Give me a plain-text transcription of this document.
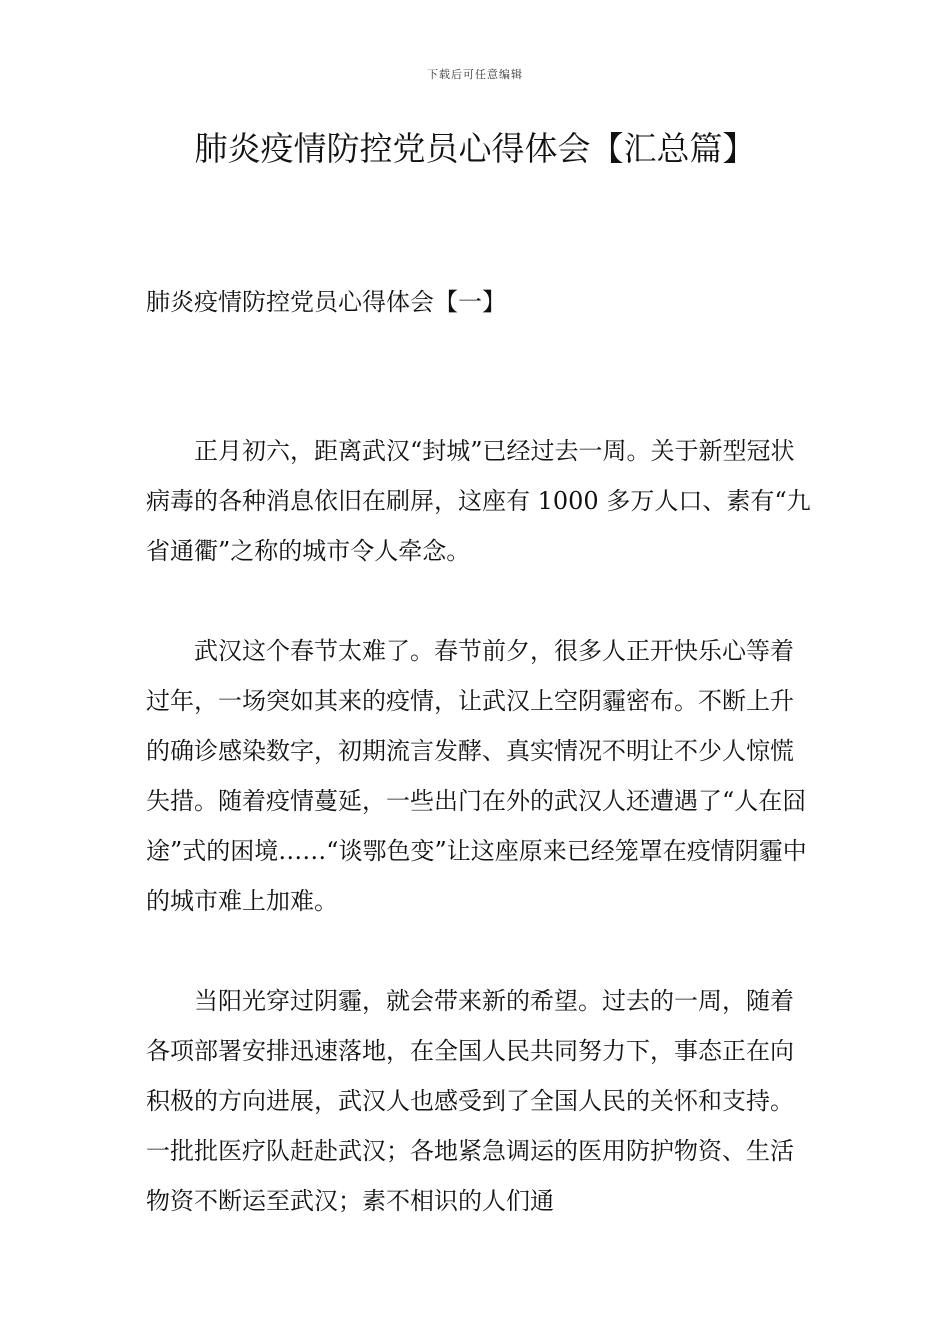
下载后可任意编辑
肺炎疫情防控党员心得体会【汇总篇】
肺炎疫情防控党员心得体会【一】

正月初六，距离武汉“封城”已经过去一周。关于新型冠状病毒的各种消息依旧在刷屏，这座有 1000 多万人口、素有“九省通衢”之称的城市令人牵念。

武汉这个春节太难了。春节前夕，很多人正开快乐心等着过年，一场突如其来的疫情，让武汉上空阴霾密布。不断上升的确诊感染数字，初期流言发酵、真实情况不明让不少人惊慌失措。随着疫情蔓延，一些出门在外的武汉人还遭遇了“人在囧途”式的困境……“谈鄂色变”让这座原来已经笼罩在疫情阴霾中的城市难上加难。

当阳光穿过阴霾，就会带来新的希望。过去的一周，随着各项部署安排迅速落地，在全国人民共同努力下，事态正在向积极的方向进展，武汉人也感受到了全国人民的关怀和支持。一批批医疗队赶赴武汉；各地紧急调运的医用防护物资、生活物资不断运至武汉；素不相识的人们通
